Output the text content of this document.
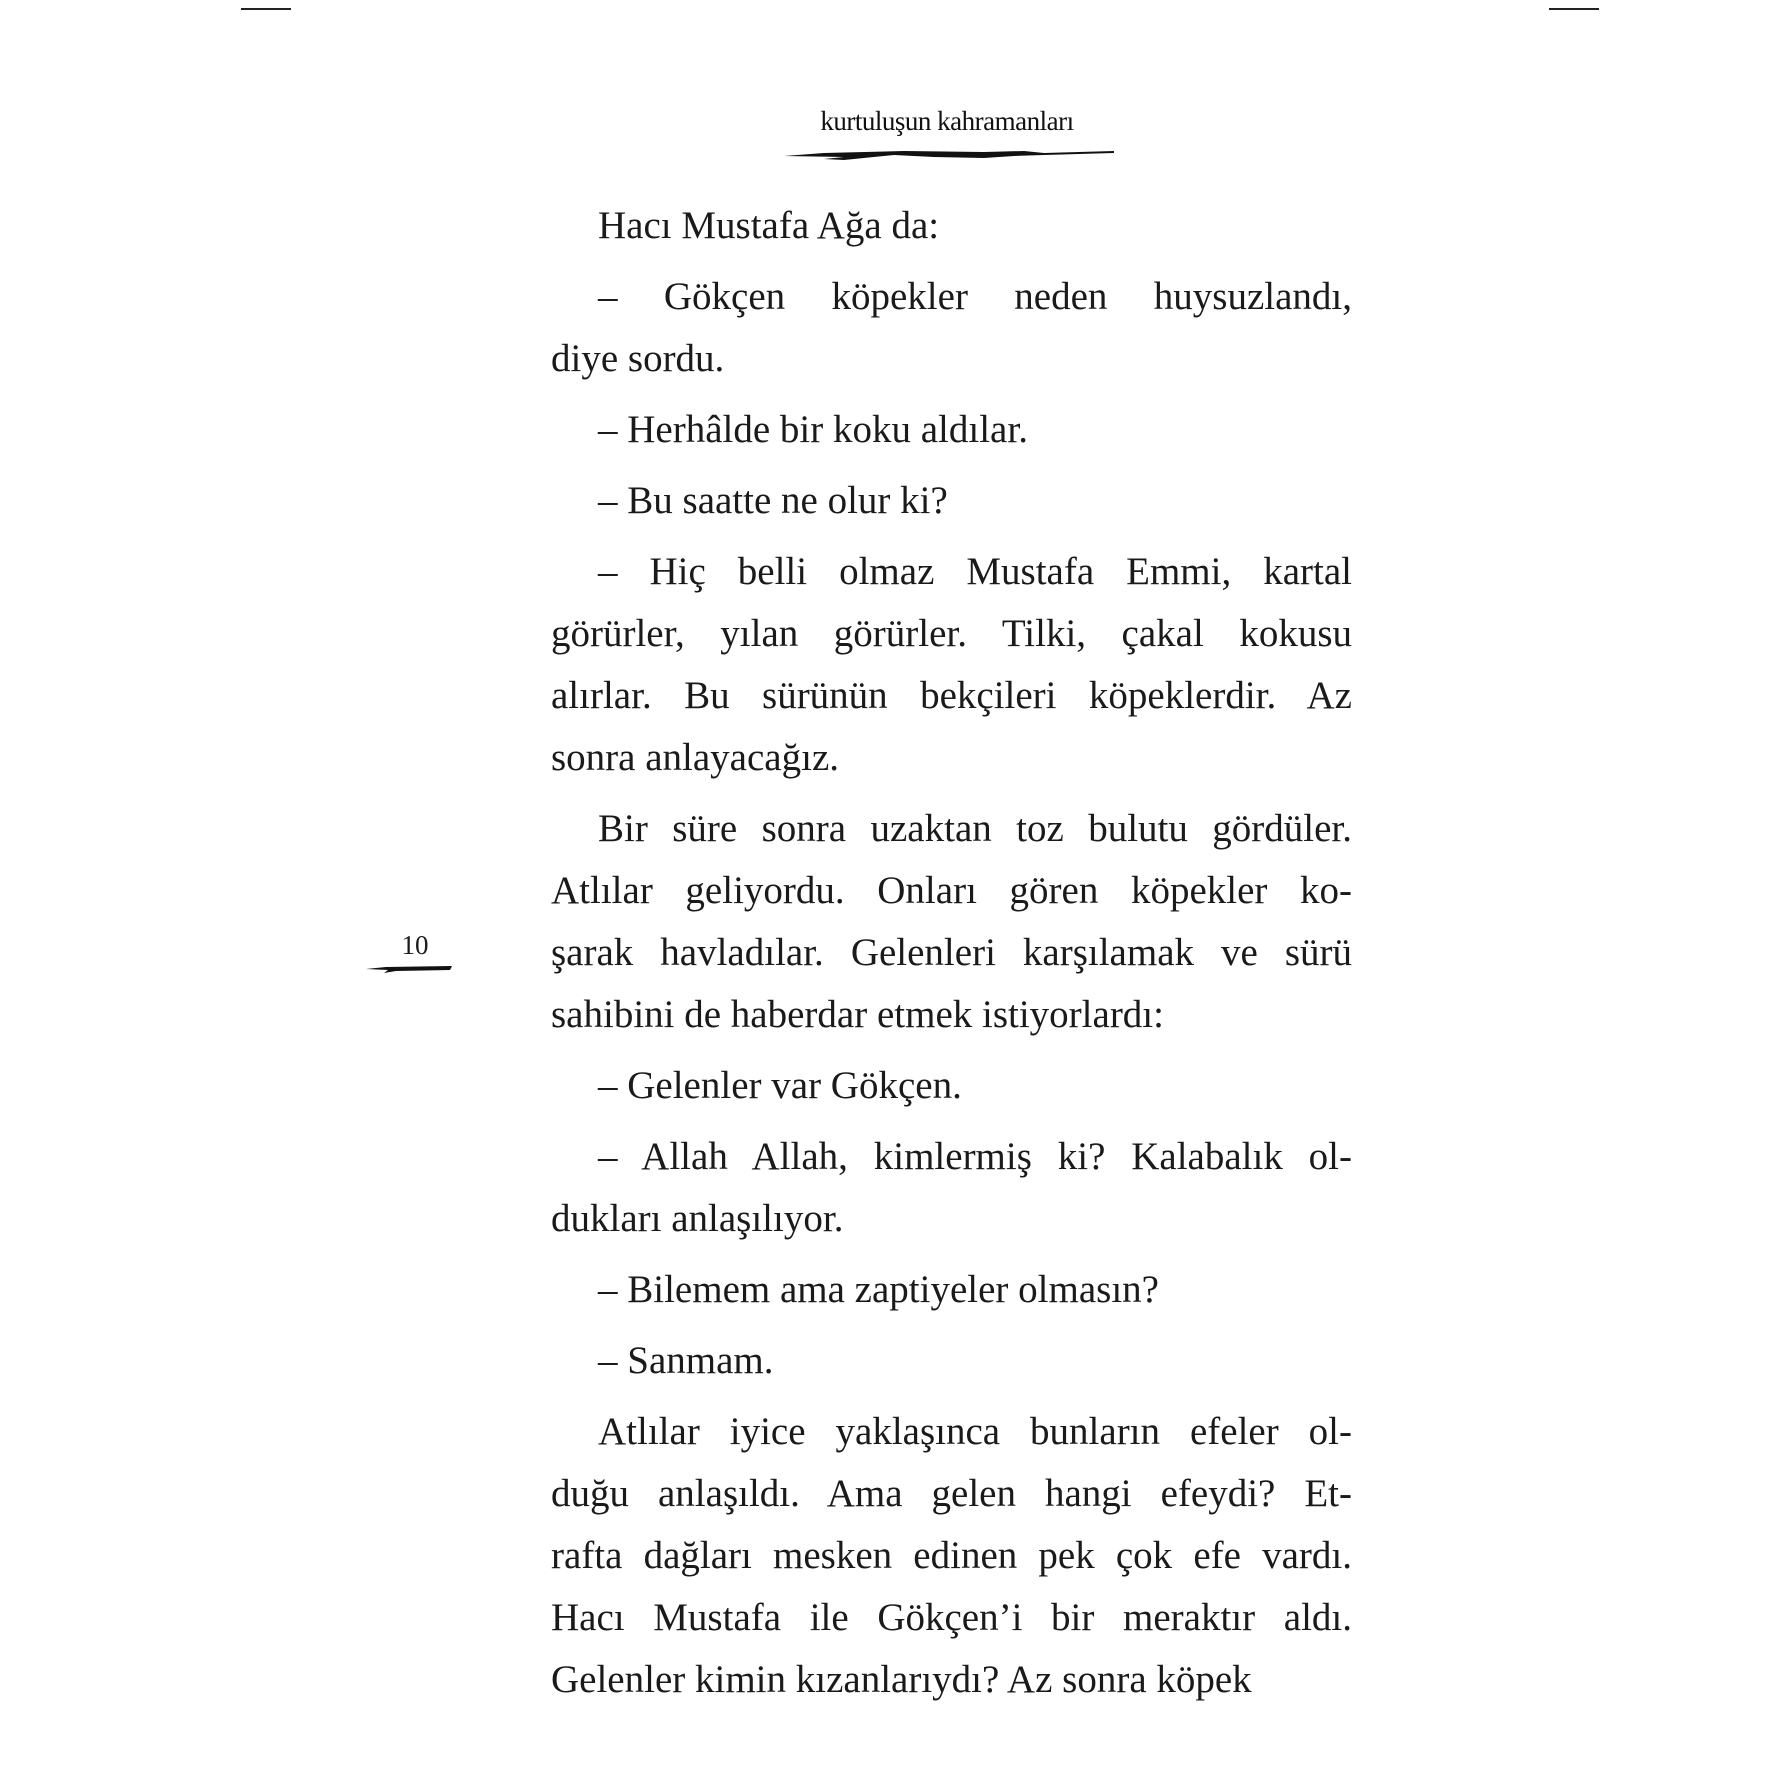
kurtuluşun kahramanları
Hacı Mustafa Ağa da:
– Gökçen köpekler neden huysuzlandı,
diye sordu.
– Herhâlde bir koku aldılar.
– Bu saatte ne olur ki?
– Hiç belli olmaz Mustafa Emmi, kartal
görürler, yılan görürler. Tilki, çakal kokusu
alırlar. Bu sürünün bekçileri köpeklerdir. Az
sonra anlayacağız.
Bir süre sonra uzaktan toz bulutu gördüler.
Atlılar geliyordu. Onları gören köpekler ko-
şarak havladılar. Gelenleri karşılamak ve sürü
sahibini de haberdar etmek istiyorlardı:
– Gelenler var Gökçen.
– Allah Allah, kimlermiş ki? Kalabalık ol-
dukları anlaşılıyor.
– Bilemem ama zaptiyeler olmasın?
– Sanmam.
Atlılar iyice yaklaşınca bunların efeler ol-
duğu anlaşıldı. Ama gelen hangi efeydi? Et-
rafta dağları mesken edinen pek çok efe vardı.
Hacı Mustafa ile Gökçen’i bir meraktır aldı.
Gelenler kimin kızanlarıydı? Az sonra köpek
10
